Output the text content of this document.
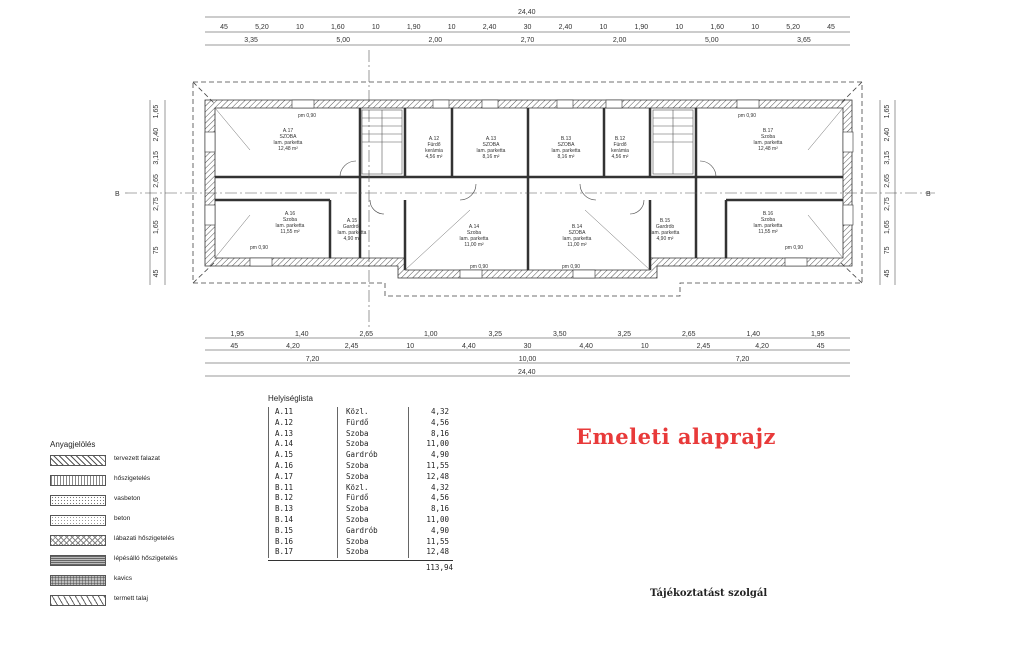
B	B
24,40
24,40
45	5,20	10	1,60	10	1,90	10	2,40	30	2,40	10	1,90	10	1,60	10	5,20	45
3,35	5,00	2,00	2,70	2,00	5,00	3,65
1,95	1,40	2,65	1,00	3,25	3,50	3,25	2,65	1,40	1,95
45	4,20	2,45	10	4,40	30	4,40	10	2,45	4,20	45
7,20	10,00	7,20
1,65
2,40
3,15
2,65
2,75
1,65
75
45
1,65
2,40
3,15
2,65
2,75
1,65
75
45
A.17
SZOBA
lam. parketta
12,48 m²
A.12
Fürdő
kerámia
4,56 m²
A.13
SZOBA
lam. parketta
8,16 m²
B.13
SZOBA
lam. parketta
8,16 m²
B.12
Fürdő
kerámia
4,56 m²
B.17
Szoba
lam. parketta
12,48 m²
A.16
Szoba
lam. parketta
11,55 m²
A.15
Gardrób
lam. parketta
4,90 m²
A.14
Szoba
lam. parketta
11,00 m²
B.14
SZOBA
lam. parketta
11,00 m²
B.15
Gardrób
lam. parketta
4,90 m²
B.16
Szoba
lam. parketta
11,55 m²
pm 0,90	pm 0,90
pm 0,90	pm 0,90
pm 0,90	pm 0,90
Emeleti alaprajz
Tájékoztatást szolgál
Anyagjelölés
tervezett falazat
hőszigetelés
vasbeton
beton
lábazati hőszigetelés
lépésálló hőszigetelés
kavics
termett talaj
Helyiséglista
A.11	Közl.	4,32
A.12	Fürdő	4,56
A.13	Szoba	8,16
A.14	Szoba	11,00
A.15	Gardrób	4,90
A.16	Szoba	11,55
A.17	Szoba	12,48
B.11	Közl.	4,32
B.12	Fürdő	4,56
B.13	Szoba	8,16
B.14	Szoba	11,00
B.15	Gardrób	4,90
B.16	Szoba	11,55
B.17	Szoba	12,48
113,94
